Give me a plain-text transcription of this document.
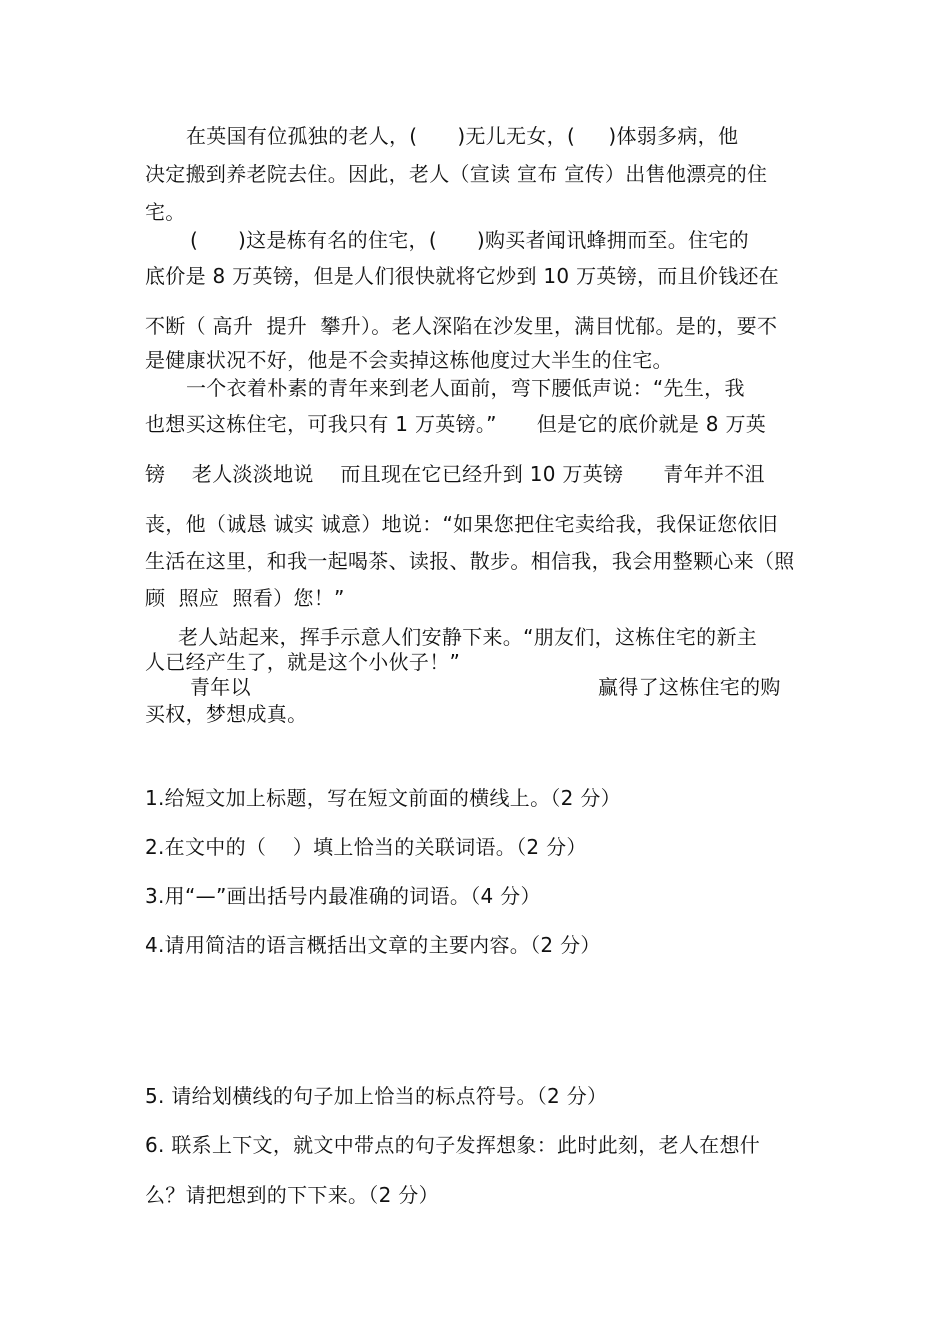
在英国有位孤独的老人，(      )无儿无女，(     )体弱多病，他
决定搬到养老院去住。因此，老人（宣读 宣布 宣传）出售他漂亮的住
宅。
(      )这是栋有名的住宅，(      )购买者闻讯蜂拥而至。住宅的
底价是 8 万英镑，但是人们很快就将它炒到 10 万英镑，而且价钱还在
不断（ 高升  提升  攀升）。老人深陷在沙发里，满目忧郁。是的，要不
是健康状况不好，他是不会卖掉这栋他度过大半生的住宅。
一个衣着朴素的青年来到老人面前，弯下腰低声说：“先生，我
也想买这栋住宅，可我只有 1 万英镑。”      但是它的底价就是 8 万英
镑    老人淡淡地说    而且现在它已经升到 10 万英镑      青年并不沮
丧，他（诚恳 诚实 诚意）地说：“如果您把住宅卖给我，我保证您依旧
生活在这里，和我一起喝茶、读报、散步。相信我，我会用整颗心来（照
顾  照应  照看）您！”
老人站起来，挥手示意人们安静下来。“朋友们，这栋住宅的新主
人已经产生了，就是这个小伙子！”
青年以	赢得了这栋住宅的购
买权，梦想成真。
1.给短文加上标题，写在短文前面的横线上。（2 分）
2.在文中的（    ）填上恰当的关联词语。（2 分）
3.用“—”画出括号内最准确的词语。（4 分）
4.请用简洁的语言概括出文章的主要内容。（2 分）
5. 请给划横线的句子加上恰当的标点符号。（2 分）
6. 联系上下文，就文中带点的句子发挥想象：此时此刻，老人在想什
么？请把想到的下下来。（2 分）
